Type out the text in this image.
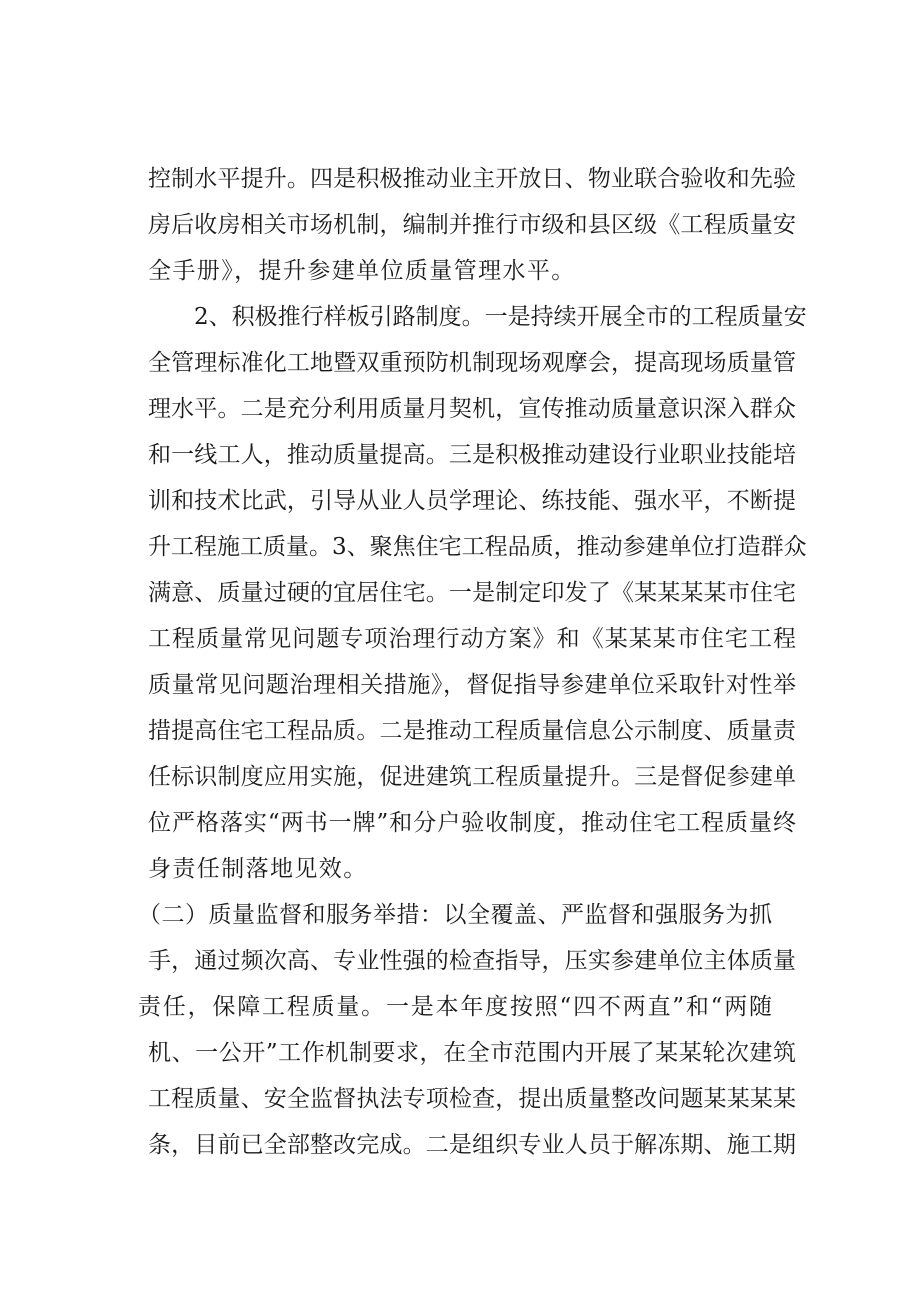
控制水平提升。四是积极推动业主开放日、物业联合验收和先验
房后收房相关市场机制，编制并推行市级和县区级《工程质量安
全手册》，提升参建单位质量管理水平。
2、积极推行样板引路制度。一是持续开展全市的工程质量安
全管理标准化工地暨双重预防机制现场观摩会，提高现场质量管
理水平。二是充分利用质量月契机，宣传推动质量意识深入群众
和一线工人，推动质量提高。三是积极推动建设行业职业技能培
训和技术比武，引导从业人员学理论、练技能、强水平，不断提
升工程施工质量。3、聚焦住宅工程品质，推动参建单位打造群众
满意、质量过硬的宜居住宅。一是制定印发了《某某某某市住宅
工程质量常见问题专项治理行动方案》和《某某某市住宅工程
质量常见问题治理相关措施》，督促指导参建单位采取针对性举
措提高住宅工程品质。二是推动工程质量信息公示制度、质量责
任标识制度应用实施，促进建筑工程质量提升。三是督促参建单
位严格落实“两书一牌”和分户验收制度，推动住宅工程质量终
身责任制落地见效。
（二）质量监督和服务举措：以全覆盖、严监督和强服务为抓
手，通过频次高、专业性强的检查指导，压实参建单位主体质量
责任，保障工程质量。一是本年度按照“四不两直”和“两随
机、一公开”工作机制要求，在全市范围内开展了某某轮次建筑
工程质量、安全监督执法专项检查，提出质量整改问题某某某某
条，目前已全部整改完成。二是组织专业人员于解冻期、施工期
